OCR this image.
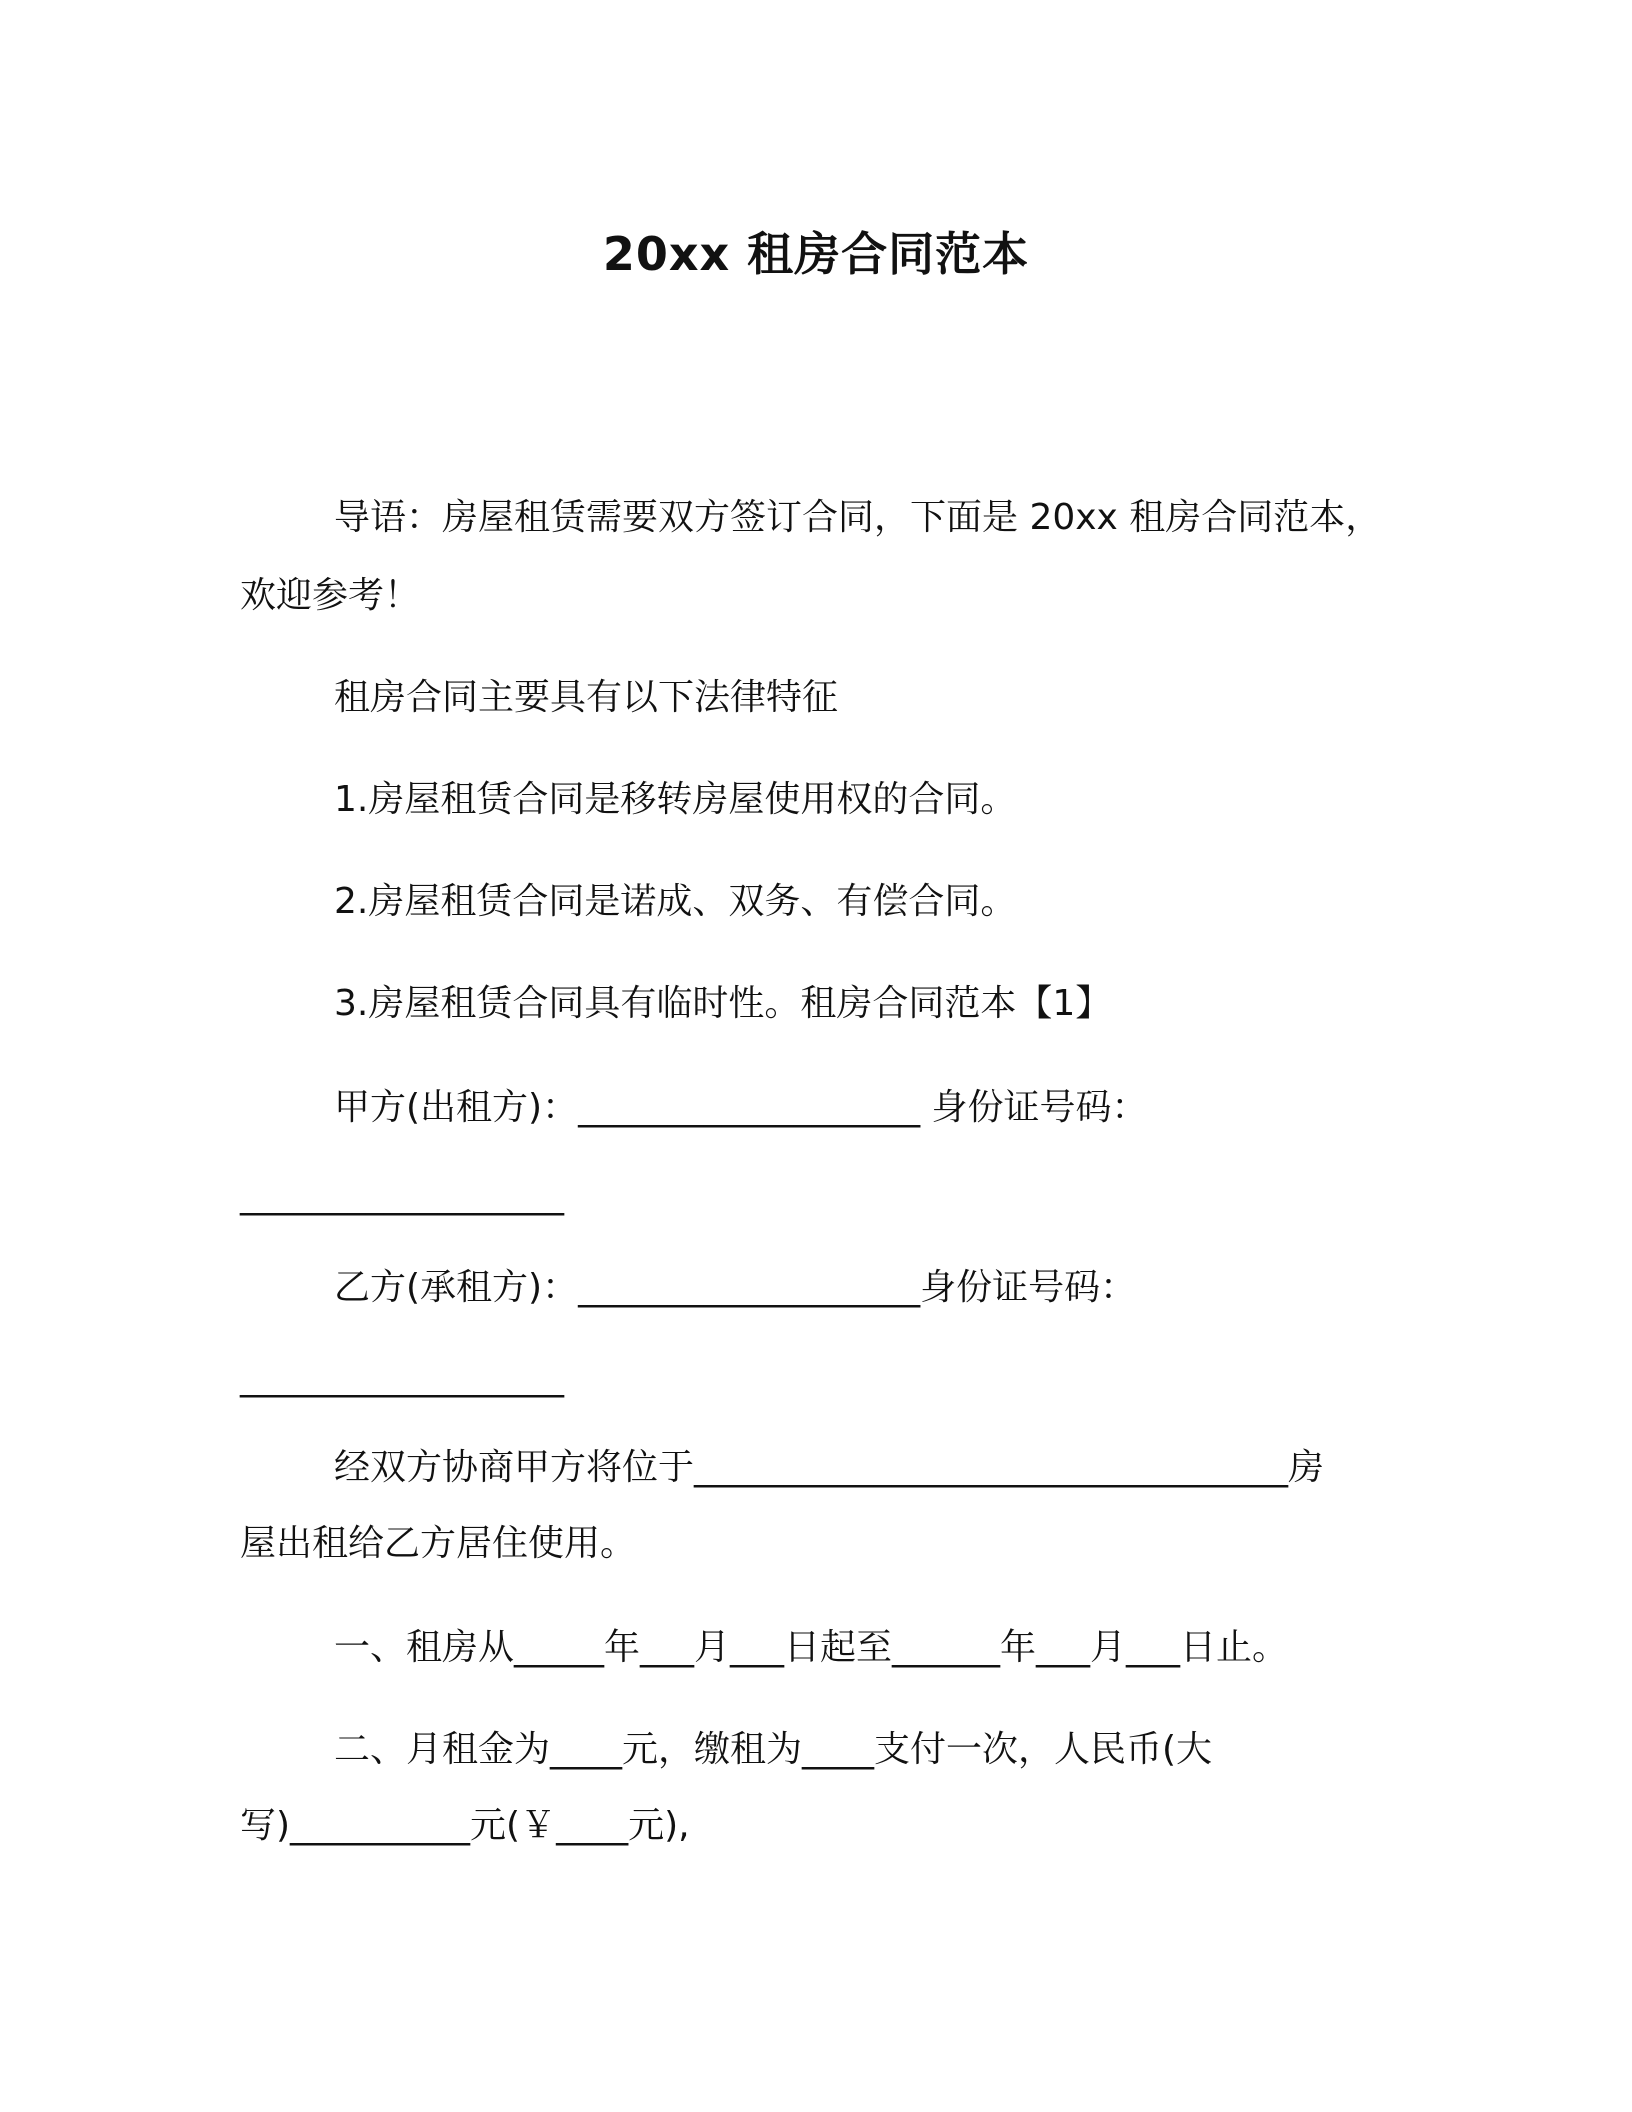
20xx 租房合同范本
导语：房屋租赁需要双方签订合同，下面是 20xx 租房合同范本，
欢迎参考！
租房合同主要具有以下法律特征
1.房屋租赁合同是移转房屋使用权的合同。
2.房屋租赁合同是诺成、双务、有偿合同。
3.房屋租赁合同具有临时性。租房合同范本【1】
甲方(出租方)：___________________ 身份证号码：
__________________
乙方(承租方)：___________________身份证号码：
__________________
经双方协商甲方将位于_________________________________房
屋出租给乙方居住使用。
一、租房从_____年___月___日起至______年___月___日止。
二、月租金为____元，缴租为____支付一次，人民币(大
写)__________元(￥____元),
